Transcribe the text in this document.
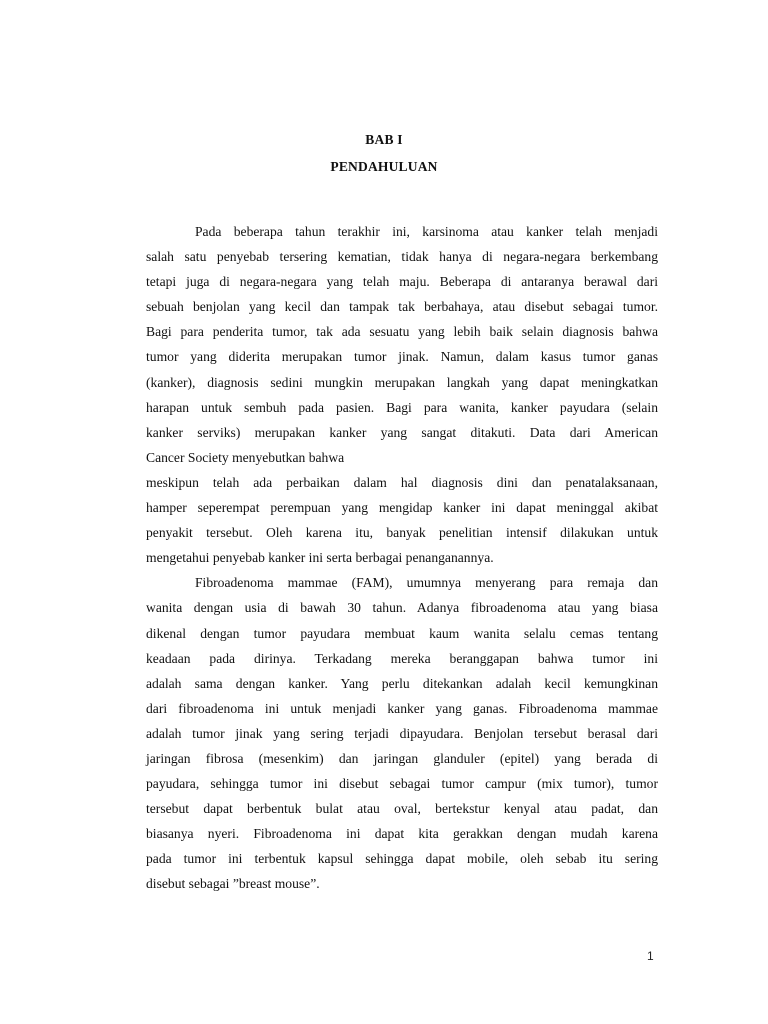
BAB I
PENDAHULUAN
Pada beberapa tahun terakhir ini, karsinoma atau kanker telah menjadi
salah satu penyebab tersering kematian, tidak hanya di negara-negara berkembang
tetapi juga di negara-negara yang telah maju. Beberapa di antaranya berawal dari
sebuah benjolan yang kecil dan tampak tak berbahaya, atau disebut sebagai tumor.
Bagi para penderita tumor, tak ada sesuatu yang lebih baik selain diagnosis bahwa
tumor yang diderita merupakan tumor jinak. Namun, dalam kasus tumor ganas
(kanker), diagnosis sedini mungkin merupakan langkah yang dapat meningkatkan
harapan untuk sembuh pada pasien. Bagi para wanita, kanker payudara (selain
kanker serviks) merupakan kanker yang sangat ditakuti. Data dari American
Cancer Society menyebutkan bahwa
meskipun telah ada perbaikan dalam hal diagnosis dini dan penatalaksanaan,
hamper seperempat perempuan yang mengidap kanker ini dapat meninggal akibat
penyakit tersebut. Oleh karena itu, banyak penelitian intensif dilakukan untuk
mengetahui penyebab kanker ini serta berbagai penanganannya.
Fibroadenoma mammae (FAM), umumnya menyerang para remaja dan
wanita dengan usia di bawah 30 tahun. Adanya fibroadenoma atau yang biasa
dikenal dengan tumor payudara membuat kaum wanita selalu cemas tentang
keadaan pada dirinya. Terkadang mereka beranggapan bahwa tumor ini
adalah sama dengan kanker. Yang perlu ditekankan adalah kecil kemungkinan
dari fibroadenoma ini untuk menjadi kanker yang ganas. Fibroadenoma mammae
adalah tumor jinak yang sering terjadi dipayudara. Benjolan tersebut berasal dari
jaringan fibrosa (mesenkim) dan jaringan glanduler (epitel) yang berada di
payudara, sehingga tumor ini disebut sebagai tumor campur (mix tumor), tumor
tersebut dapat berbentuk bulat atau oval, bertekstur kenyal atau padat, dan
biasanya nyeri. Fibroadenoma ini dapat kita gerakkan dengan mudah karena
pada tumor ini terbentuk kapsul sehingga dapat mobile, oleh sebab itu sering
disebut sebagai ”breast mouse”.
1
